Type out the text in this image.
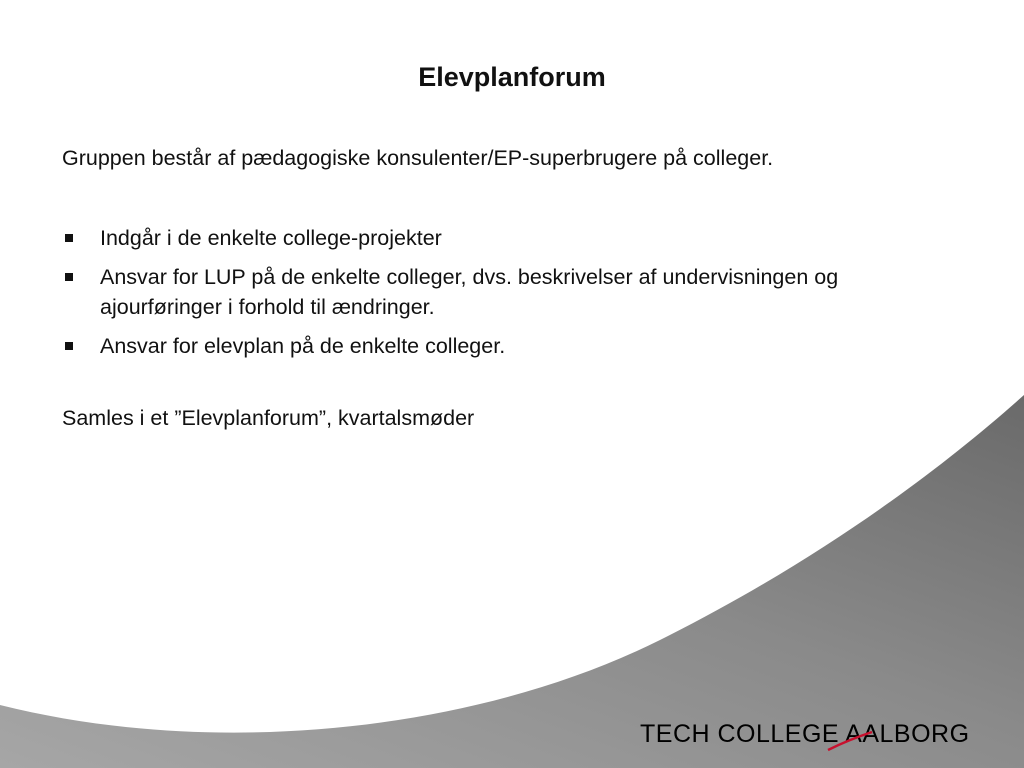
Elevplanforum

Gruppen består af pædagogiske konsulenter/EP-superbrugere på colleger.

Indgår i de enkelte college-projekter
Ansvar for LUP på de enkelte colleger, dvs. beskrivelser af undervisningen og ajourføringer i forhold til ændringer.
Ansvar for elevplan på de enkelte colleger.

Samles i et ”Elevplanforum”, kvartalsmøder

TECH COLLEGE AALBORG
